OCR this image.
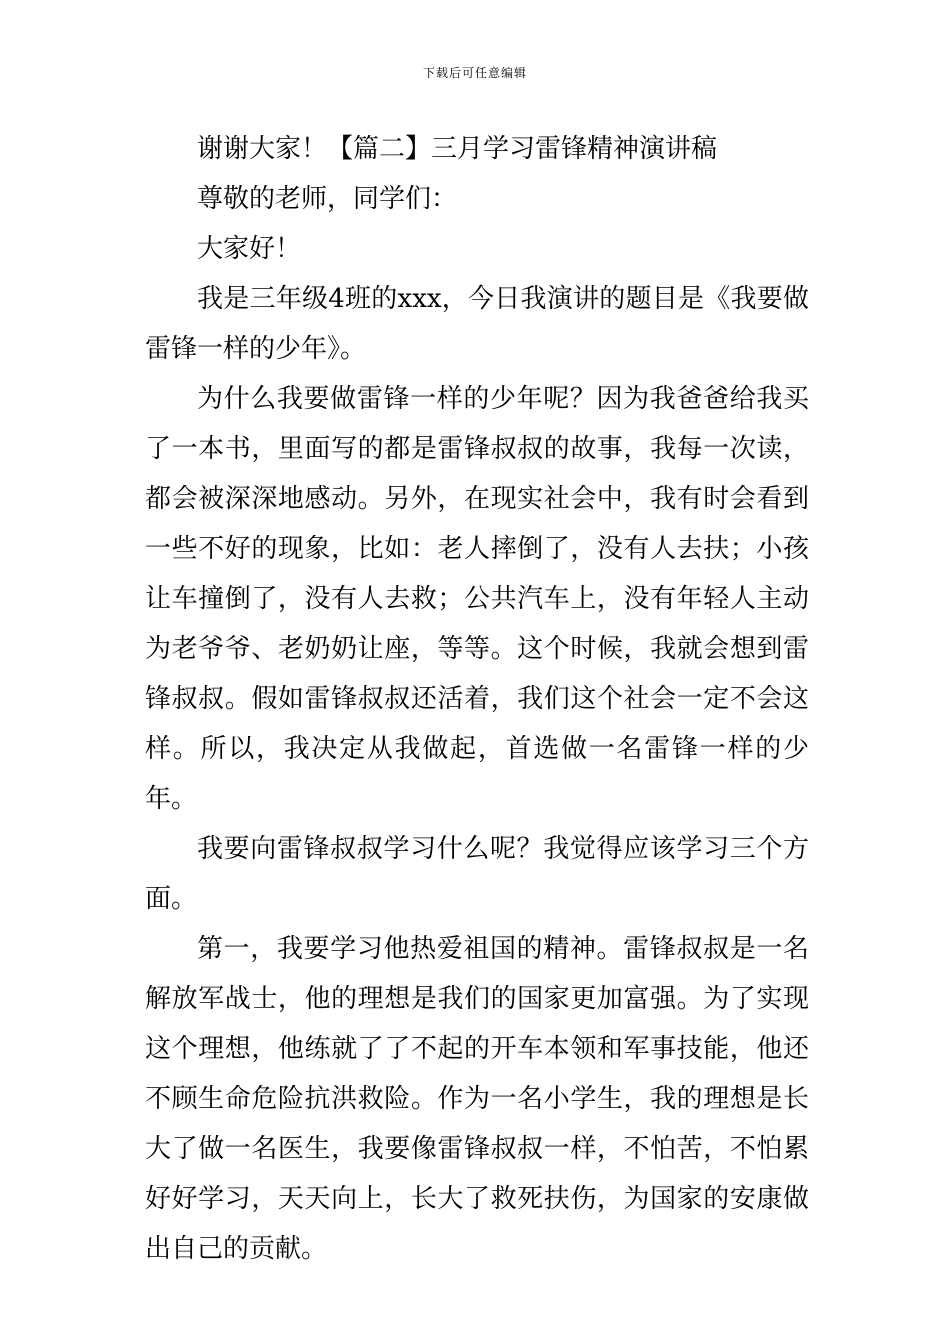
下载后可任意编辑

谢谢大家！【篇二】三月学习雷锋精神演讲稿

尊敬的老师，同学们：

大家好！

我是三年级4班的xxx，今日我演讲的题目是《我要做雷锋一样的少年》。

为什么我要做雷锋一样的少年呢？因为我爸爸给我买了一本书，里面写的都是雷锋叔叔的故事，我每一次读，都会被深深地感动。另外，在现实社会中，我有时会看到一些不好的现象，比如：老人摔倒了，没有人去扶；小孩让车撞倒了，没有人去救；公共汽车上，没有年轻人主动为老爷爷、老奶奶让座，等等。这个时候，我就会想到雷锋叔叔。假如雷锋叔叔还活着，我们这个社会一定不会这样。所以，我决定从我做起，首选做一名雷锋一样的少年。

我要向雷锋叔叔学习什么呢？我觉得应该学习三个方面。

第一，我要学习他热爱祖国的精神。雷锋叔叔是一名解放军战士，他的理想是我们的国家更加富强。为了实现这个理想，他练就了了不起的开车本领和军事技能，他还不顾生命危险抗洪救险。作为一名小学生，我的理想是长大了做一名医生，我要像雷锋叔叔一样，不怕苦，不怕累好好学习，天天向上，长大了救死扶伤，为国家的安康做出自己的贡献。
